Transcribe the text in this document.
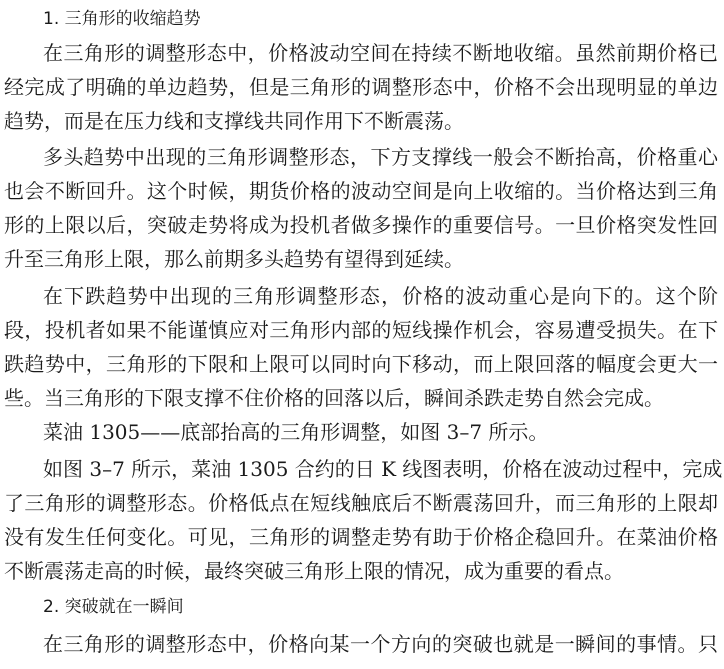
1. 三角形的收缩趋势
在三角形的调整形态中，价格波动空间在持续不断地收缩。虽然前期价格已
经完成了明确的单边趋势，但是三角形的调整形态中，价格不会出现明显的单边
趋势，而是在压力线和支撑线共同作用下不断震荡。
多头趋势中出现的三角形调整形态，下方支撑线一般会不断抬高，价格重心
也会不断回升。这个时候，期货价格的波动空间是向上收缩的。当价格达到三角
形的上限以后，突破走势将成为投机者做多操作的重要信号。一旦价格突发性回
升至三角形上限，那么前期多头趋势有望得到延续。
在下跌趋势中出现的三角形调整形态，价格的波动重心是向下的。这个阶
段，投机者如果不能谨慎应对三角形内部的短线操作机会，容易遭受损失。在下
跌趋势中，三角形的下限和上限可以同时向下移动，而上限回落的幅度会更大一
些。当三角形的下限支撑不住价格的回落以后，瞬间杀跌走势自然会完成。
菜油 1305——底部抬高的三角形调整，如图 3–7 所示。
如图 3–7 所示，菜油 1305 合约的日 K 线图表明，价格在波动过程中，完成
了三角形的调整形态。价格低点在短线触底后不断震荡回升，而三角形的上限却
没有发生任何变化。可见，三角形的调整走势有助于价格企稳回升。在菜油价格
不断震荡走高的时候，最终突破三角形上限的情况，成为重要的看点。
2. 突破就在一瞬间
在三角形的调整形态中，价格向某一个方向的突破也就是一瞬间的事情。只
